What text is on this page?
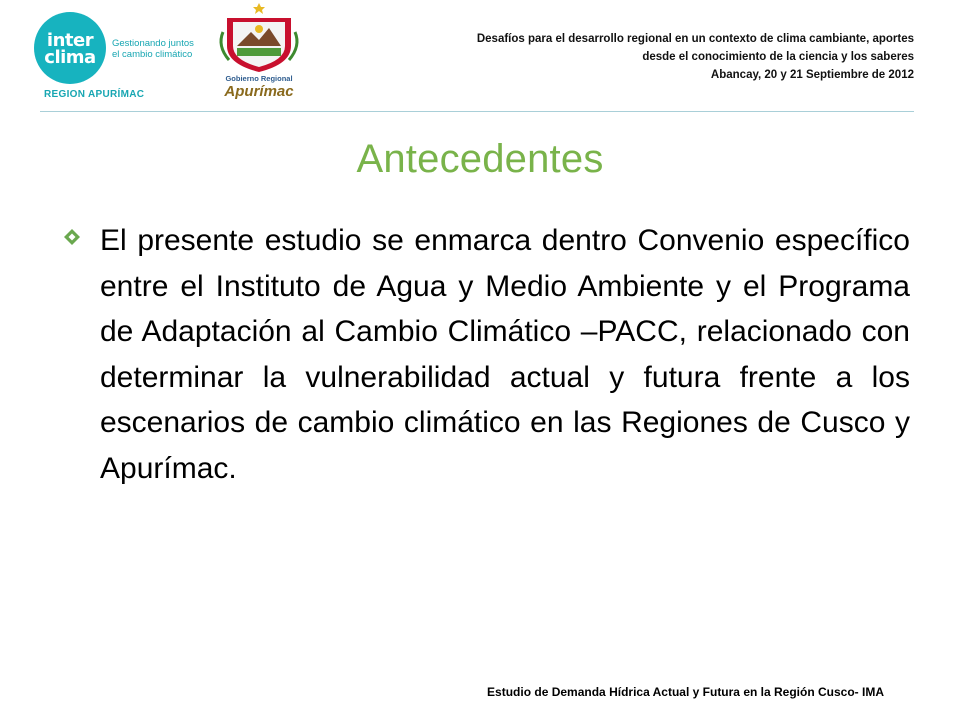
inter
clima
Gestionando juntos
el cambio climático
REGION APURÍMAC
Gobierno Regional
Apurímac
Desafíos para el desarrollo regional en un contexto de clima cambiante, aportes
desde el conocimiento de la ciencia y los saberes
Abancay, 20 y 21 Septiembre de 2012
Antecedentes
El presente estudio se enmarca dentro Convenio específico entre el Instituto de Agua y Medio Ambiente y el Programa de Adaptación al Cambio Climático –PACC, relacionado con determinar la vulnerabilidad actual y futura frente a los escenarios de cambio climático en las Regiones de Cusco y Apurímac.
Estudio de Demanda Hídrica Actual y Futura en la Región Cusco- IMA
